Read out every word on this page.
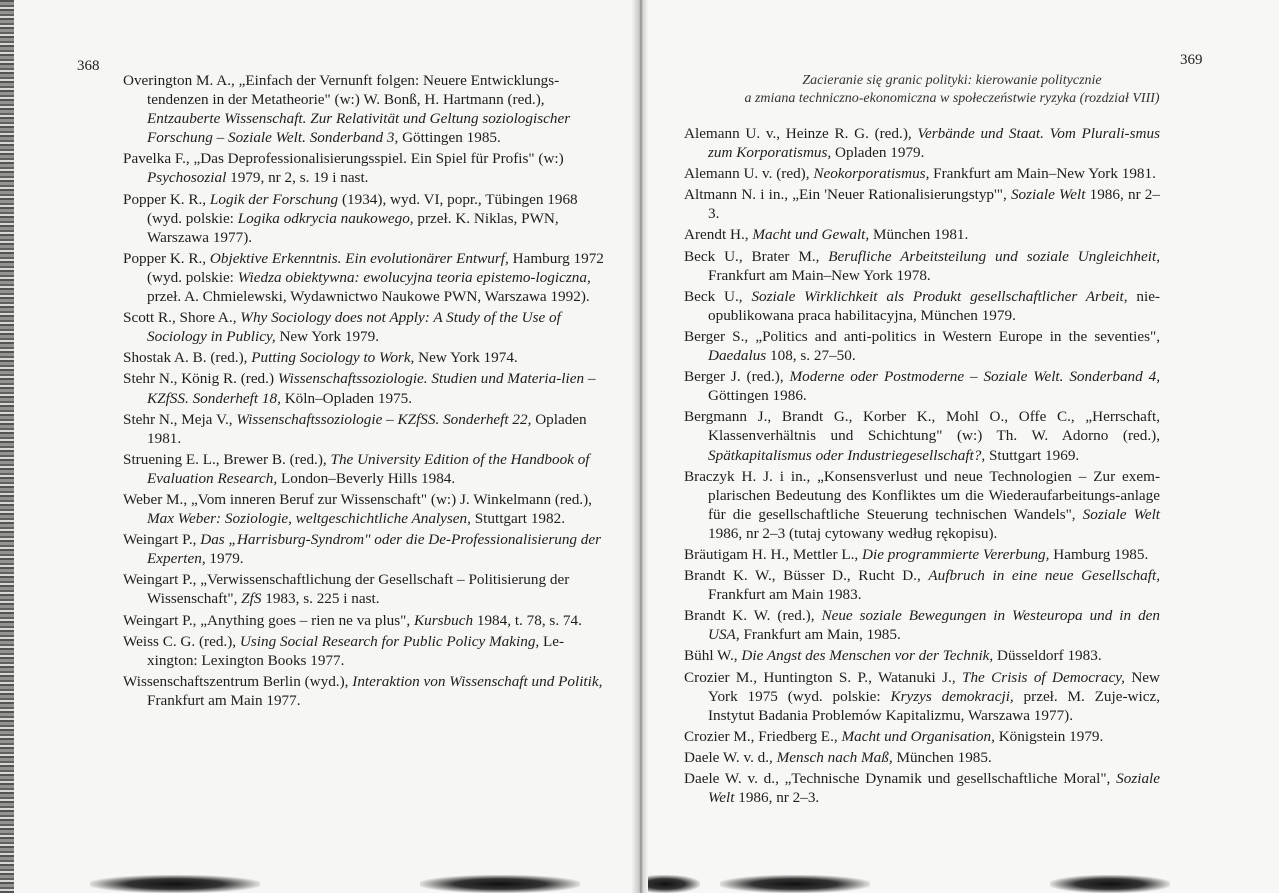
368
Overington M. A., „Einfach der Vernunft folgen: Neuere Entwicklungs-tendenzen in der Metatheorie" (w:) W. Bonß, H. Hartmann (red.), Entzauberte Wissenschaft. Zur Relativität und Geltung soziologischer Forschung – Soziale Welt. Sonderband 3, Göttingen 1985.
Pavelka F., „Das Deprofessionalisierungsspiel. Ein Spiel für Profis" (w:) Psychosozial 1979, nr 2, s. 19 i nast.
Popper K. R., Logik der Forschung (1934), wyd. VI, popr., Tübingen 1968 (wyd. polskie: Logika odkrycia naukowego, przeł. K. Niklas, PWN, Warszawa 1977).
Popper K. R., Objektive Erkenntnis. Ein evolutionärer Entwurf, Hamburg 1972 (wyd. polskie: Wiedza obiektywna: ewolucyjna teoria epistemo-logiczna, przeł. A. Chmielewski, Wydawnictwo Naukowe PWN, Warszawa 1992).
Scott R., Shore A., Why Sociology does not Apply: A Study of the Use of Sociology in Publicy, New York 1979.
Shostak A. B. (red.), Putting Sociology to Work, New York 1974.
Stehr N., König R. (red.) Wissenschaftssoziologie. Studien und Materia-lien – KZfSS. Sonderheft 18, Köln–Opladen 1975.
Stehr N., Meja V., Wissenschaftssoziologie – KZfSS. Sonderheft 22, Opladen 1981.
Struening E. L., Brewer B. (red.), The University Edition of the Handbook of Evaluation Research, London–Beverly Hills 1984.
Weber M., „Vom inneren Beruf zur Wissenschaft" (w:) J. Winkelmann (red.), Max Weber: Soziologie, weltgeschichtliche Analysen, Stuttgart 1982.
Weingart P., Das „Harrisburg-Syndrom" oder die De-Professionalisierung der Experten, 1979.
Weingart P., „Verwissenschaftlichung der Gesellschaft – Politisierung der Wissenschaft", ZfS 1983, s. 225 i nast.
Weingart P., „Anything goes – rien ne va plus", Kursbuch 1984, t. 78, s. 74.
Weiss C. G. (red.), Using Social Research for Public Policy Making, Le-xington: Lexington Books 1977.
Wissenschaftszentrum Berlin (wyd.), Interaktion von Wissenschaft und Politik, Frankfurt am Main 1977.
369
Zacieranie się granic polityki: kierowanie politycznie
a zmiana techniczno-ekonomiczna w społeczeństwie ryzyka (rozdział VIII)
Alemann U. v., Heinze R. G. (red.), Verbände und Staat. Vom Plurali-smus zum Korporatismus, Opladen 1979.
Alemann U. v. (red), Neokorporatismus, Frankfurt am Main–New York 1981.
Altmann N. i in., „Ein 'Neuer Rationalisierungstyp'", Soziale Welt 1986, nr 2–3.
Arendt H., Macht und Gewalt, München 1981.
Beck U., Brater M., Berufliche Arbeitsteilung und soziale Ungleichheit, Frankfurt am Main–New York 1978.
Beck U., Soziale Wirklichkeit als Produkt gesellschaftlicher Arbeit, nie-opublikowana praca habilitacyjna, München 1979.
Berger S., „Politics and anti-politics in Western Europe in the seventies", Daedalus 108, s. 27–50.
Berger J. (red.), Moderne oder Postmoderne – Soziale Welt. Sonderband 4, Göttingen 1986.
Bergmann J., Brandt G., Korber K., Mohl O., Offe C., „Herrschaft, Klassenverhältnis und Schichtung" (w:) Th. W. Adorno (red.), Spätkapitalismus oder Industriegesellschaft?, Stuttgart 1969.
Braczyk H. J. i in., „Konsensverlust und neue Technologien – Zur exem-plarischen Bedeutung des Konfliktes um die Wiederaufarbeitungs-anlage für die gesellschaftliche Steuerung technischen Wandels", Soziale Welt 1986, nr 2–3 (tutaj cytowany według rękopisu).
Bräutigam H. H., Mettler L., Die programmierte Vererbung, Hamburg 1985.
Brandt K. W., Büsser D., Rucht D., Aufbruch in eine neue Gesellschaft, Frankfurt am Main 1983.
Brandt K. W. (red.), Neue soziale Bewegungen in Westeuropa und in den USA, Frankfurt am Main, 1985.
Bühl W., Die Angst des Menschen vor der Technik, Düsseldorf 1983.
Crozier M., Huntington S. P., Watanuki J., The Crisis of Democracy, New York 1975 (wyd. polskie: Kryzys demokracji, przeł. M. Zuje-wicz, Instytut Badania Problemów Kapitalizmu, Warszawa 1977).
Crozier M., Friedberg E., Macht und Organisation, Königstein 1979.
Daele W. v. d., Mensch nach Maß, München 1985.
Daele W. v. d., „Technische Dynamik und gesellschaftliche Moral", Soziale Welt 1986, nr 2–3.
